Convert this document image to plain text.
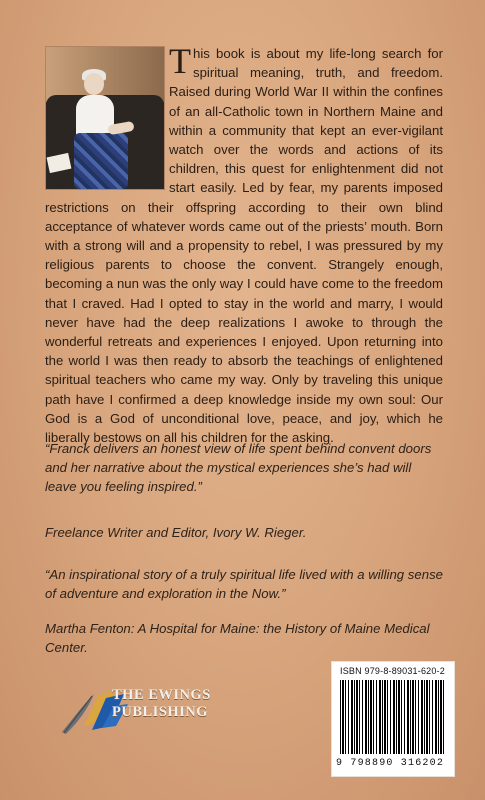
This book is about my life-long search for spiritual meaning, truth, and freedom. Raised during World War II within the confines of an all-Catholic town in Northern Maine and within a community that kept an ever-vigilant watch over the words and actions of its children, this quest for enlightenment did not start easily. Led by fear, my parents imposed restrictions on their offspring according to their own blind acceptance of whatever words came out of the priests’ mouth. Born with a strong will and a propensity to rebel, I was pressured by my religious parents to choose the convent. Strangely enough, becoming a nun was the only way I could have come to the freedom that I craved. Had I opted to stay in the world and marry, I would never have had the deep realizations I awoke to through the wonderful retreats and experiences I enjoyed. Upon returning into the world I was then ready to absorb the teachings of enlightened spiritual teachers who came my way. Only by traveling this unique path have I confirmed a deep knowledge inside my own soul: Our God is a God of unconditional love, peace, and joy, which he liberally bestows on all his children for the asking.
“Franck delivers an honest view of life spent behind convent doors and her narrative about the mystical experiences she’s had will leave you feeling inspired.”
Freelance Writer and Editor, Ivory W. Rieger.
“An inspirational story of a truly spiritual life lived with a willing sense of adventure and exploration in the Now.”
Martha Fenton: A Hospital for Maine: the History of Maine Medical Center.
THE EWINGS
PUBLISHING
ISBN 979-8-89031-620-2
9 798890 316202
